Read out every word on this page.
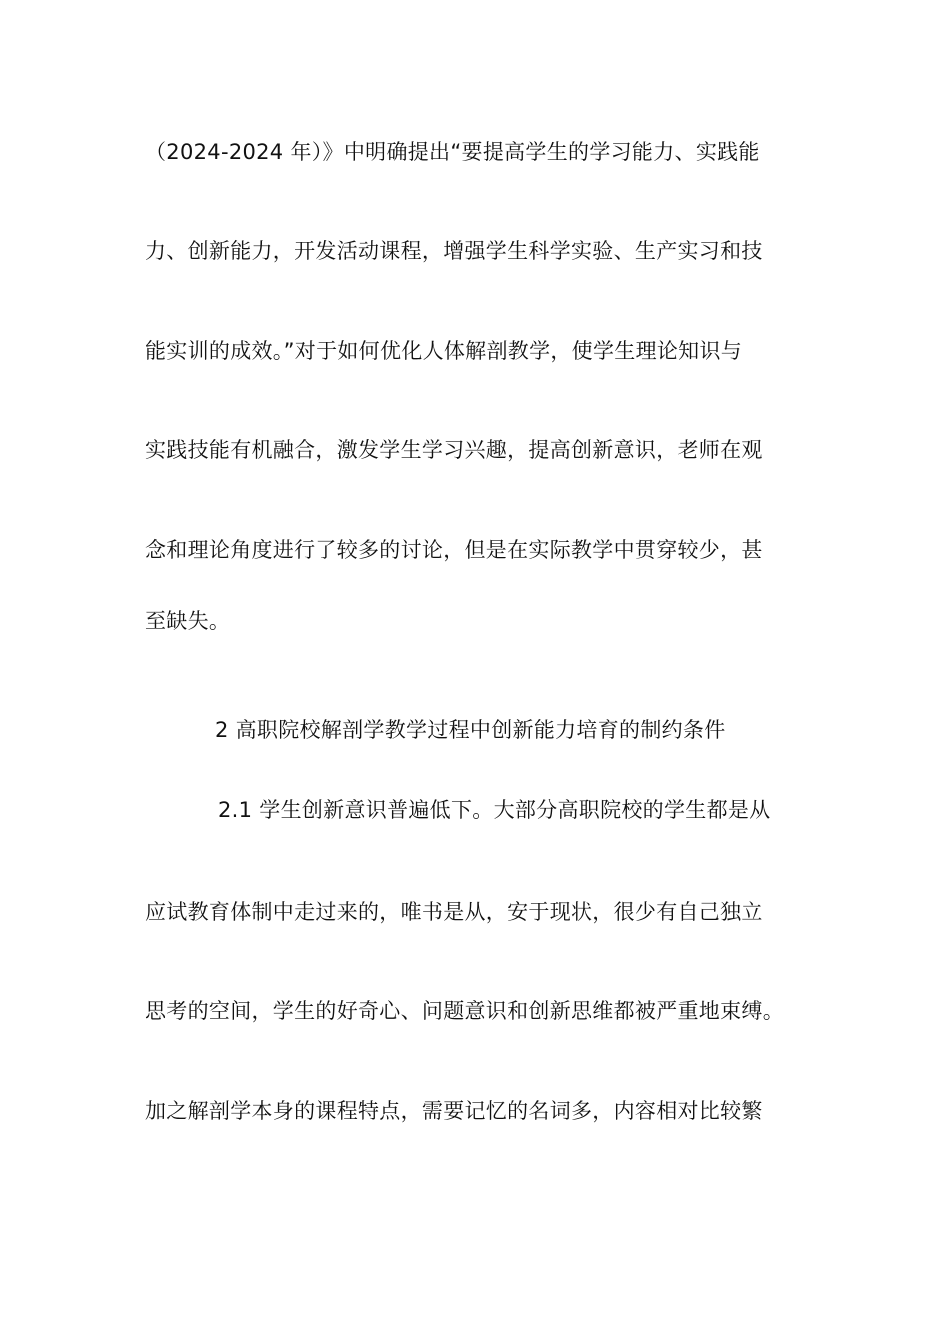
（2024-2024 年）》中明确提出“要提高学生的学习能力、实践能
力、创新能力，开发活动课程，增强学生科学实验、生产实习和技
能实训的成效。”对于如何优化人体解剖教学，使学生理论知识与
实践技能有机融合，激发学生学习兴趣，提高创新意识，老师在观
念和理论角度进行了较多的讨论，但是在实际教学中贯穿较少，甚
至缺失。
2 高职院校解剖学教学过程中创新能力培育的制约条件
2.1 学生创新意识普遍低下。大部分高职院校的学生都是从
应试教育体制中走过来的，唯书是从，安于现状，很少有自己独立
思考的空间，学生的好奇心、问题意识和创新思维都被严重地束缚。
加之解剖学本身的课程特点，需要记忆的名词多，内容相对比较繁
